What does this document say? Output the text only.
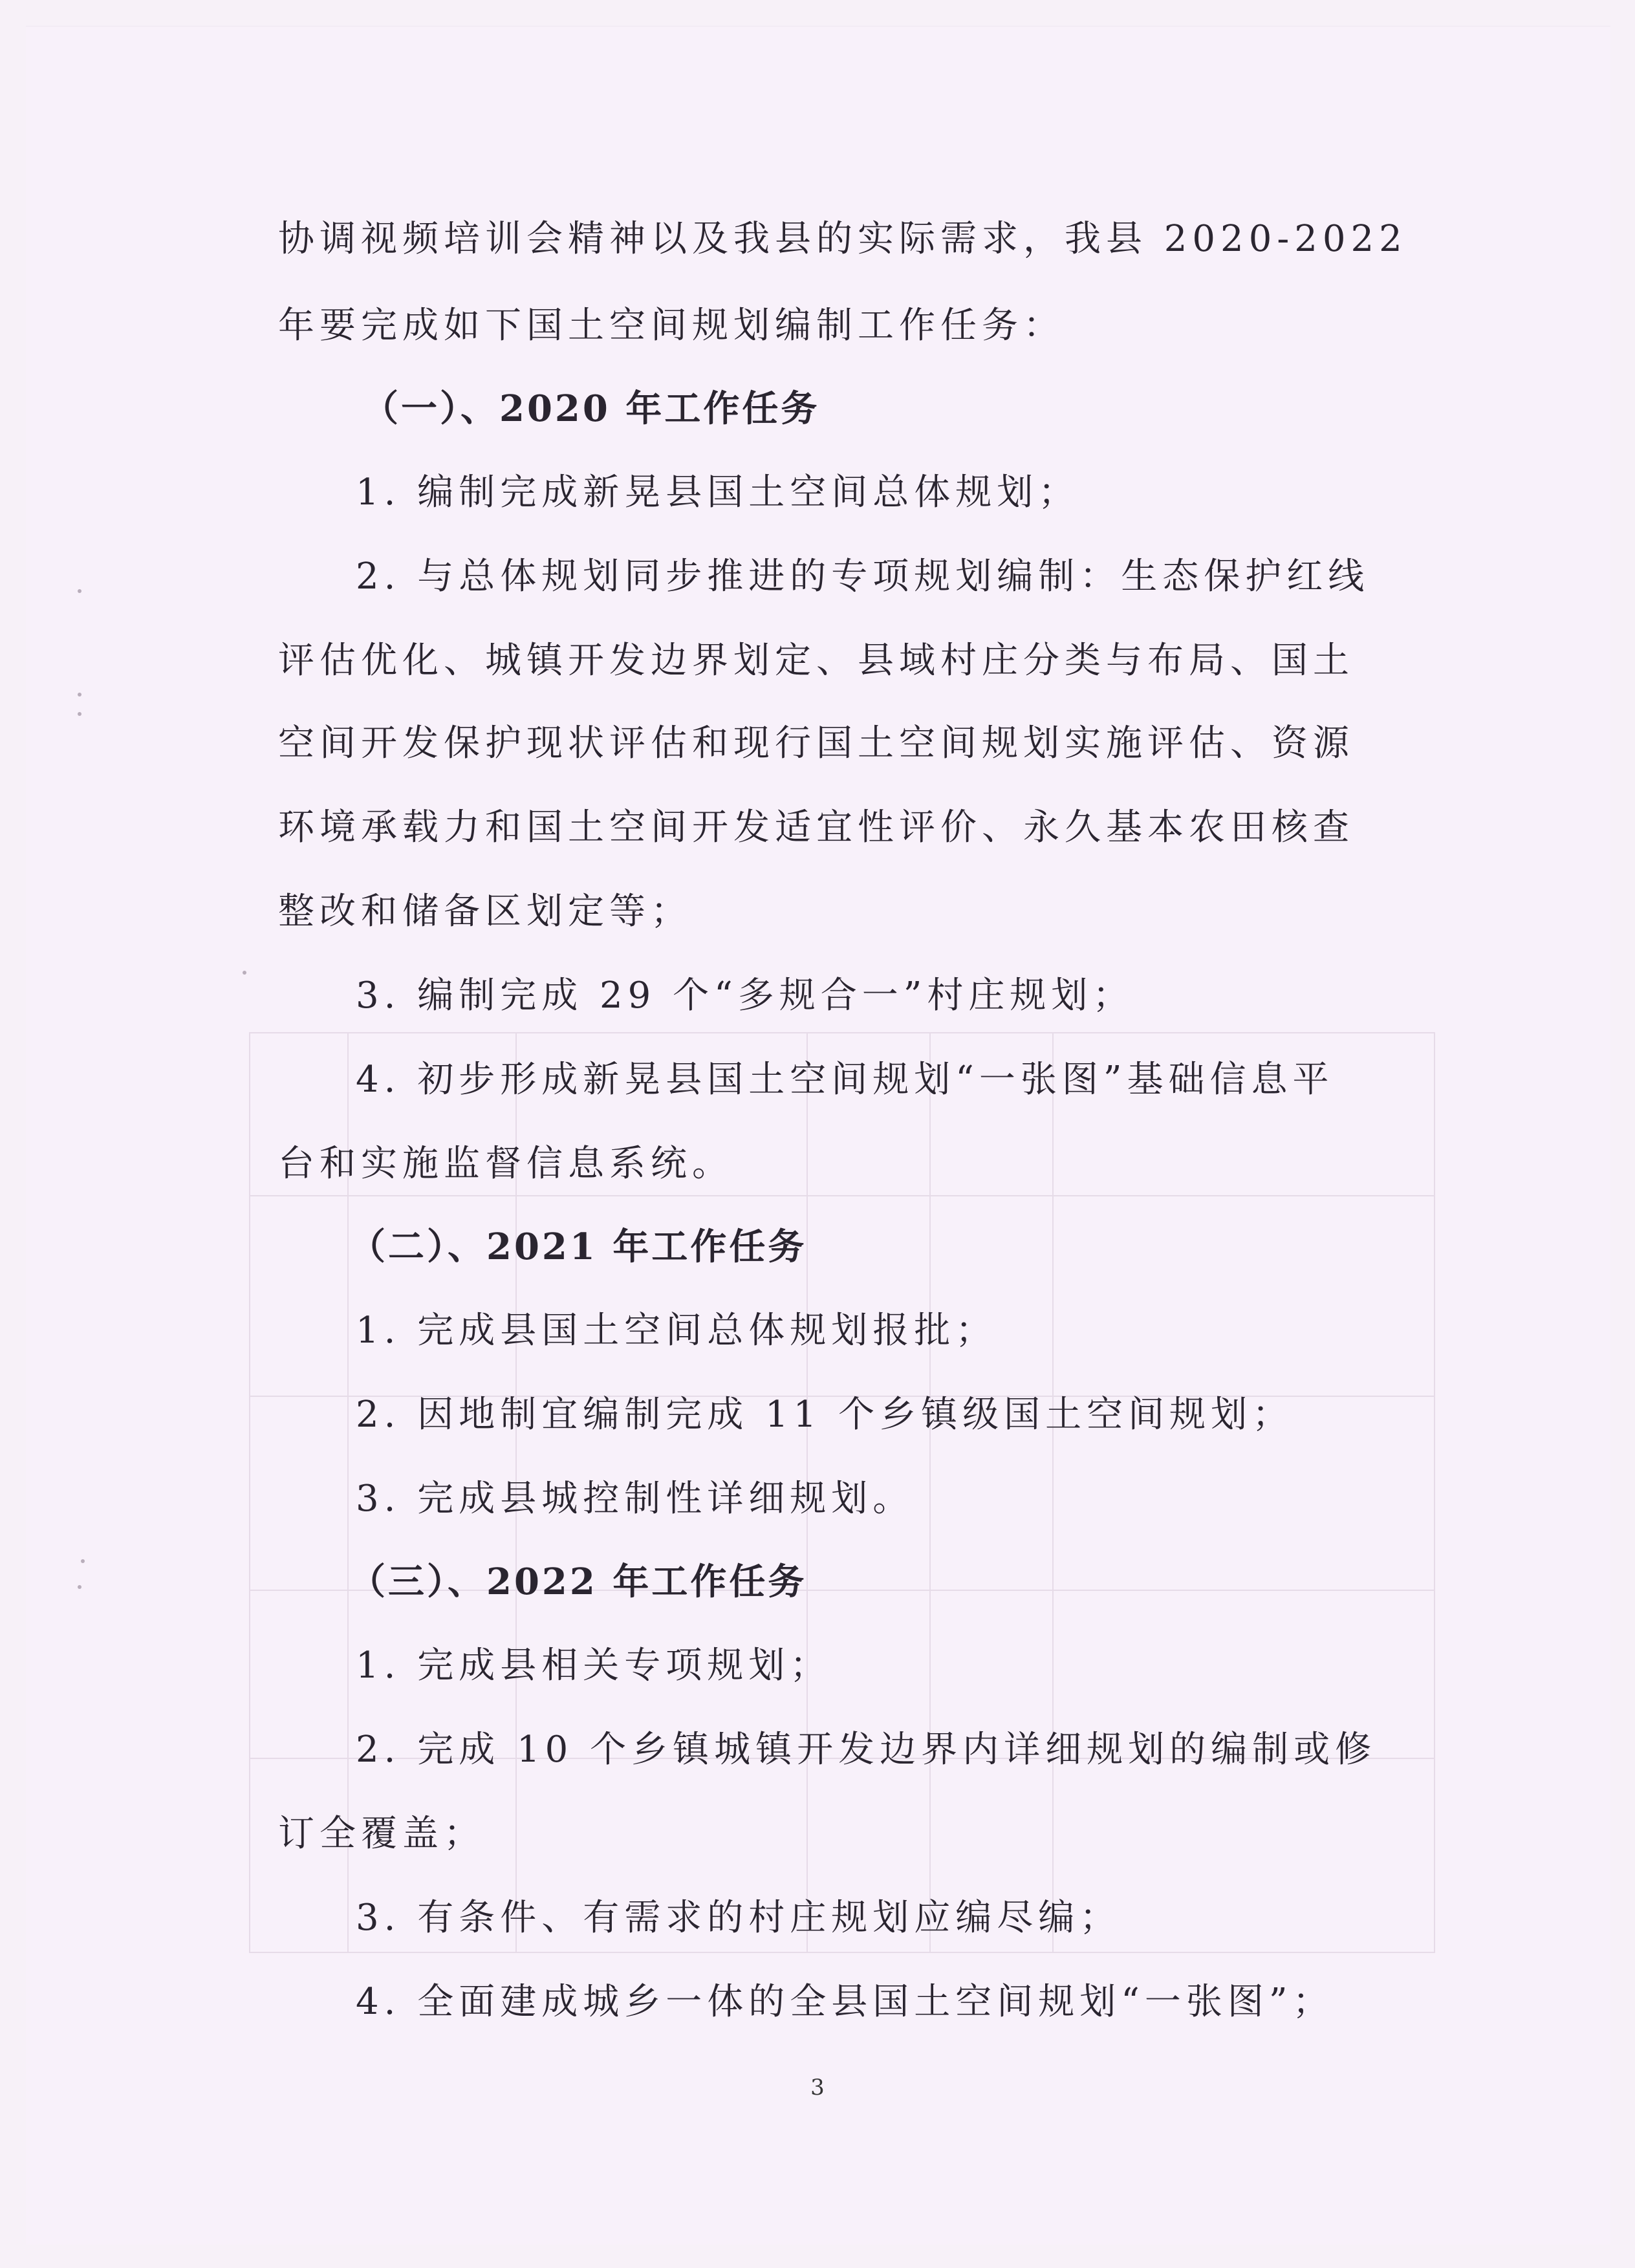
协调视频培训会精神以及我县的实际需求，我县 2020-2022
年要完成如下国土空间规划编制工作任务：
（一）、2020 年工作任务
1. 编制完成新晃县国土空间总体规划；
2. 与总体规划同步推进的专项规划编制：生态保护红线
评估优化、城镇开发边界划定、县域村庄分类与布局、国土
空间开发保护现状评估和现行国土空间规划实施评估、资源
环境承载力和国土空间开发适宜性评价、永久基本农田核查
整改和储备区划定等；
3. 编制完成 29 个“多规合一”村庄规划；
4. 初步形成新晃县国土空间规划“一张图”基础信息平
台和实施监督信息系统。
（二）、2021 年工作任务
1. 完成县国土空间总体规划报批；
2. 因地制宜编制完成 11 个乡镇级国土空间规划；
3. 完成县城控制性详细规划。
（三）、2022 年工作任务
1. 完成县相关专项规划；
2. 完成 10 个乡镇城镇开发边界内详细规划的编制或修
订全覆盖；
3. 有条件、有需求的村庄规划应编尽编；
4. 全面建成城乡一体的全县国土空间规划“一张图”；
3
